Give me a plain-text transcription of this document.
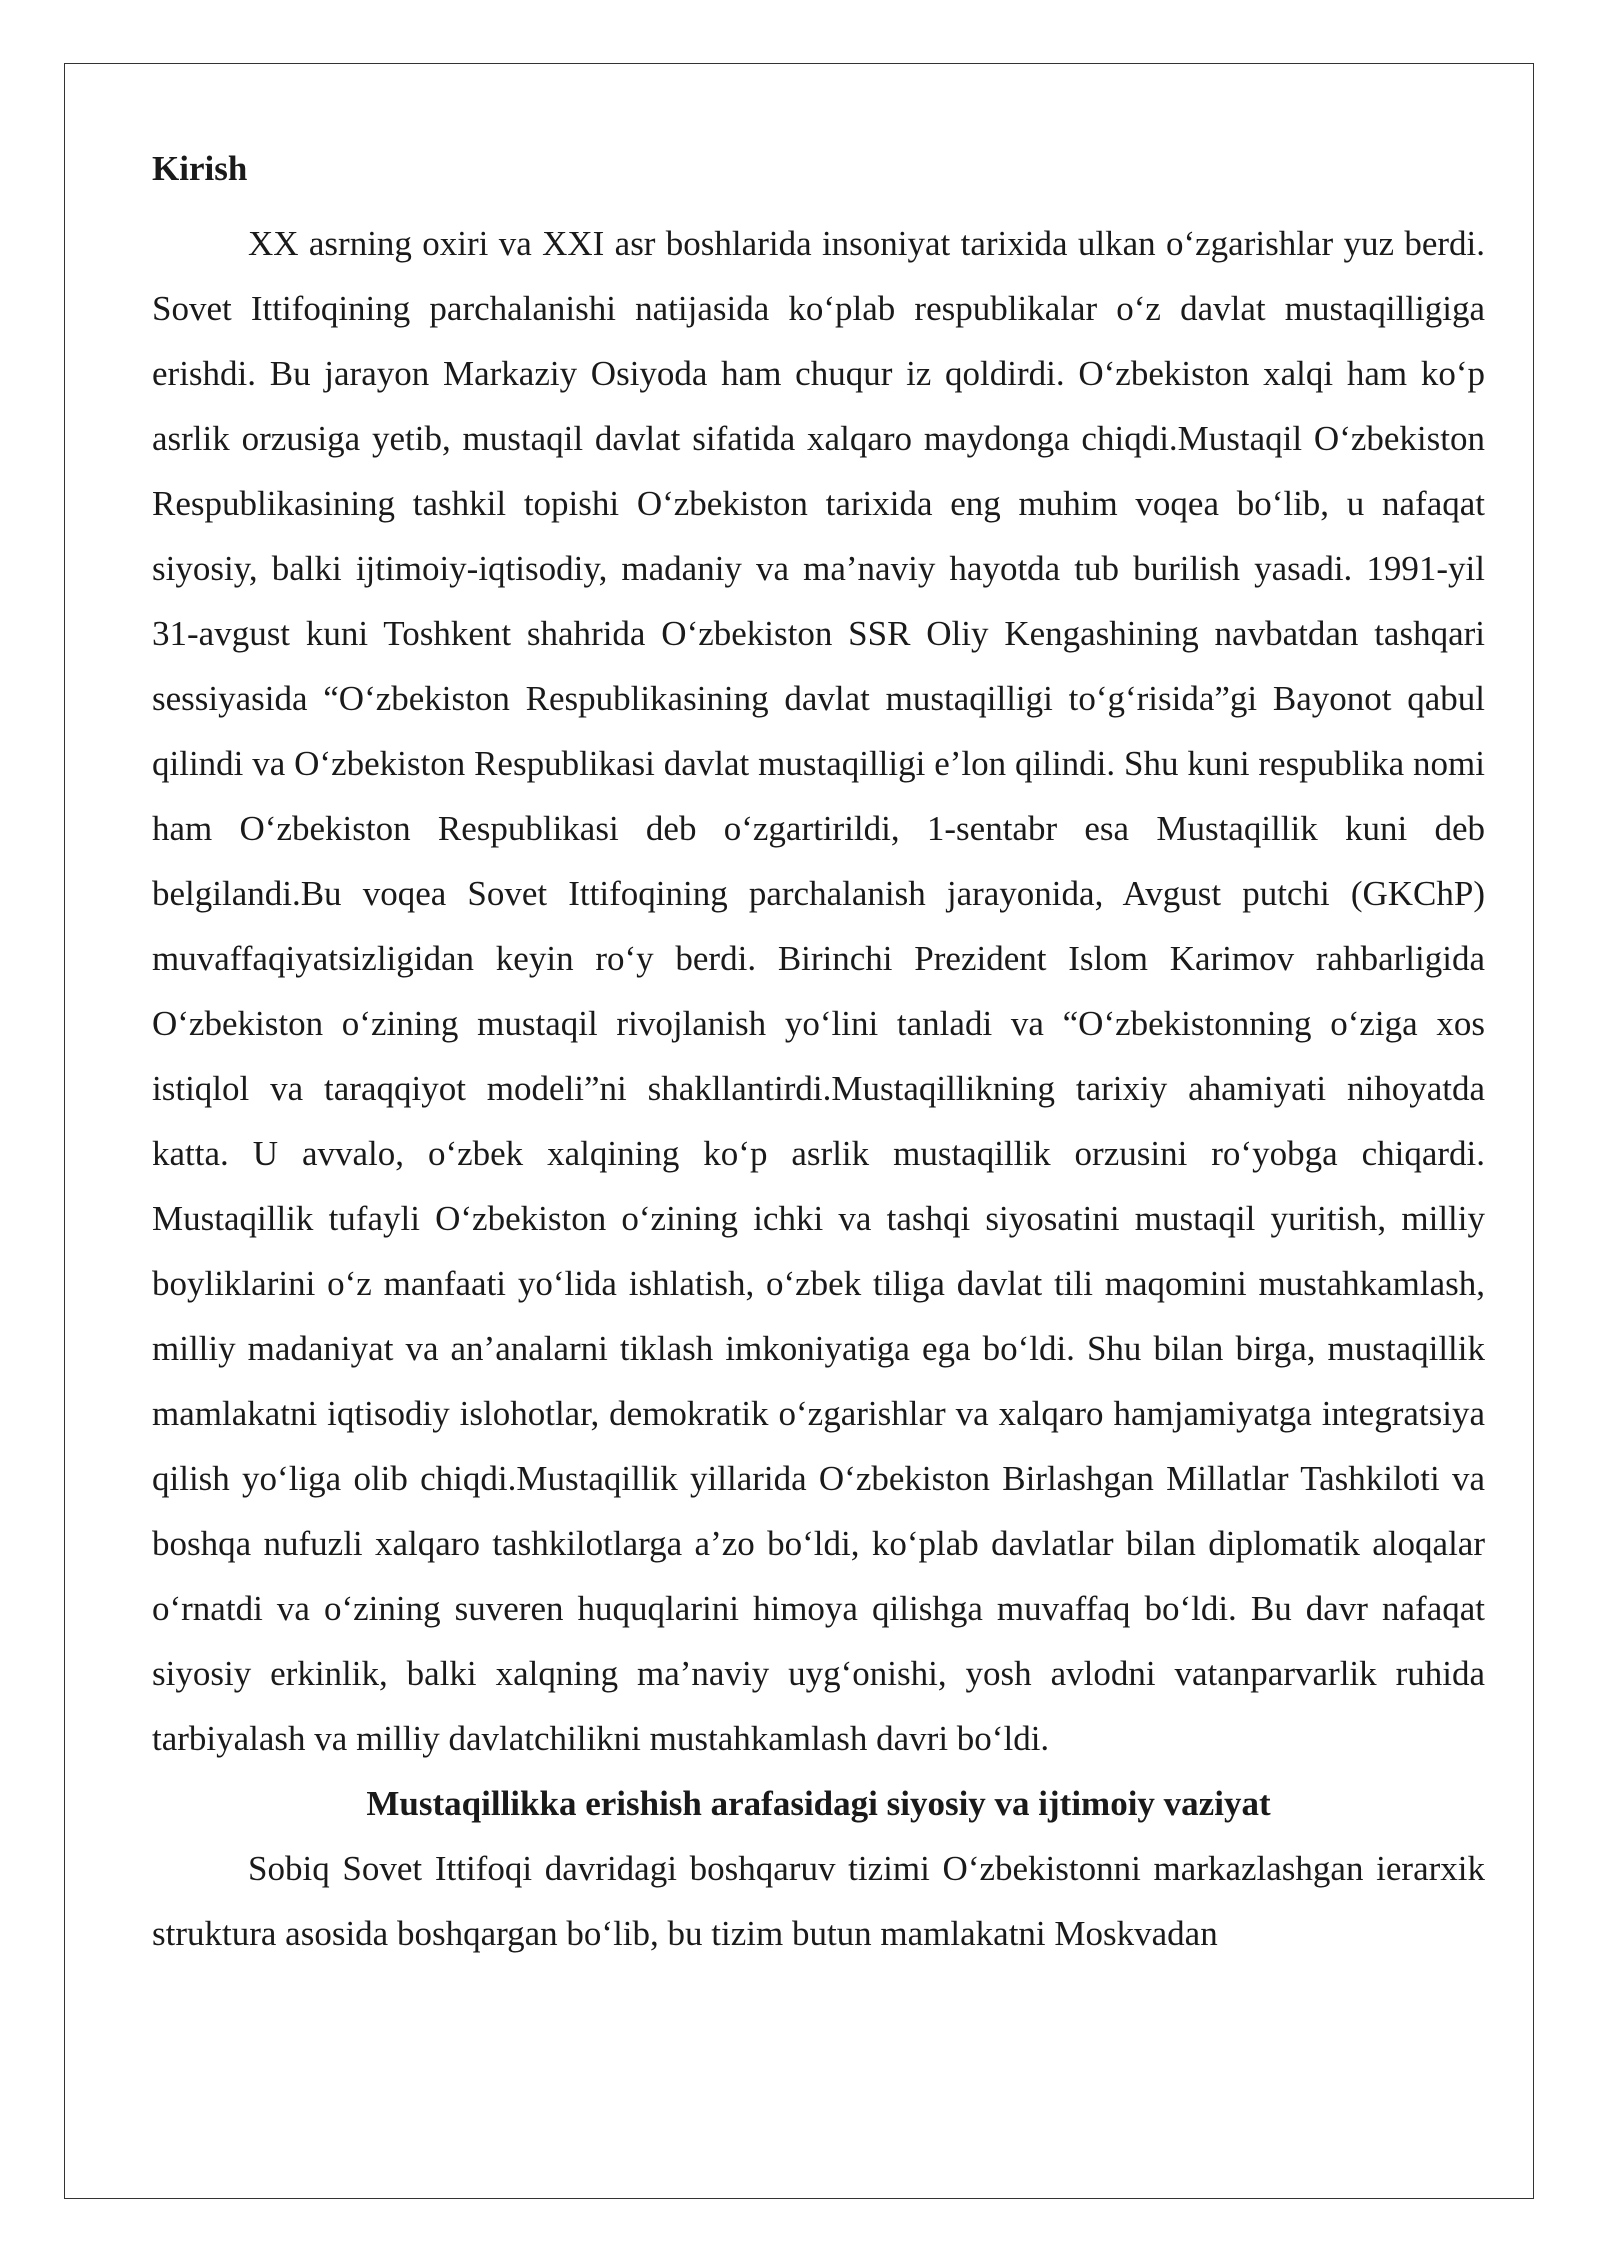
Kirish

XX asrning oxiri va XXI asr boshlarida insoniyat tarixida ulkan o‘zgarishlar yuz berdi. Sovet Ittifoqining parchalanishi natijasida ko‘plab respublikalar o‘z davlat mustaqilligiga erishdi. Bu jarayon Markaziy Osiyoda ham chuqur iz qoldirdi. O‘zbekiston xalqi ham ko‘p asrlik orzusiga yetib, mustaqil davlat sifatida xalqaro maydonga chiqdi.Mustaqil O‘zbekiston Respublikasining tashkil topishi O‘zbekiston tarixida eng muhim voqea bo‘lib, u nafaqat siyosiy, balki ijtimoiy-iqtisodiy, madaniy va ma’naviy hayotda tub burilish yasadi. 1991-yil 31-avgust kuni Toshkent shahrida O‘zbekiston SSR Oliy Kengashining navbatdan tashqari sessiyasida “O‘zbekiston Respublikasining davlat mustaqilligi to‘g‘risida”gi Bayonot qabul qilindi va O‘zbekiston Respublikasi davlat mustaqilligi e’lon qilindi. Shu kuni respublika nomi ham O‘zbekiston Respublikasi deb o‘zgartirildi, 1-sentabr esa Mustaqillik kuni deb belgilandi.Bu voqea Sovet Ittifoqining parchalanish jarayonida, Avgust putchi (GKChP) muvaffaqiyatsizligidan keyin ro‘y berdi. Birinchi Prezident Islom Karimov rahbarligida O‘zbekiston o‘zining mustaqil rivojlanish yo‘lini tanladi va “O‘zbekistonning o‘ziga xos istiqlol va taraqqiyot modeli”ni shakllantirdi.Mustaqillikning tarixiy ahamiyati nihoyatda katta. U avvalo, o‘zbek xalqining ko‘p asrlik mustaqillik orzusini ro‘yobga chiqardi. Mustaqillik tufayli O‘zbekiston o‘zining ichki va tashqi siyosatini mustaqil yuritish, milliy boyliklarini o‘z manfaati yo‘lida ishlatish, o‘zbek tiliga davlat tili maqomini mustahkamlash, milliy madaniyat va an’analarni tiklash imkoniyatiga ega bo‘ldi. Shu bilan birga, mustaqillik mamlakatni iqtisodiy islohotlar, demokratik o‘zgarishlar va xalqaro hamjamiyatga integratsiya qilish yo‘liga olib chiqdi.Mustaqillik yillarida O‘zbekiston Birlashgan Millatlar Tashkiloti va boshqa nufuzli xalqaro tashkilotlarga a’zo bo‘ldi, ko‘plab davlatlar bilan diplomatik aloqalar o‘rnatdi va o‘zining suveren huquqlarini himoya qilishga muvaffaq bo‘ldi. Bu davr nafaqat siyosiy erkinlik, balki xalqning ma’naviy uyg‘onishi, yosh avlodni vatanparvarlik ruhida tarbiyalash va milliy davlatchilikni mustahkamlash davri bo‘ldi.

Mustaqillikka erishish arafasidagi siyosiy va ijtimoiy vaziyat

Sobiq Sovet Ittifoqi davridagi boshqaruv tizimi O‘zbekistonni markazlashgan ierarxik struktura asosida boshqargan bo‘lib, bu tizim butun mamlakatni Moskvadan
